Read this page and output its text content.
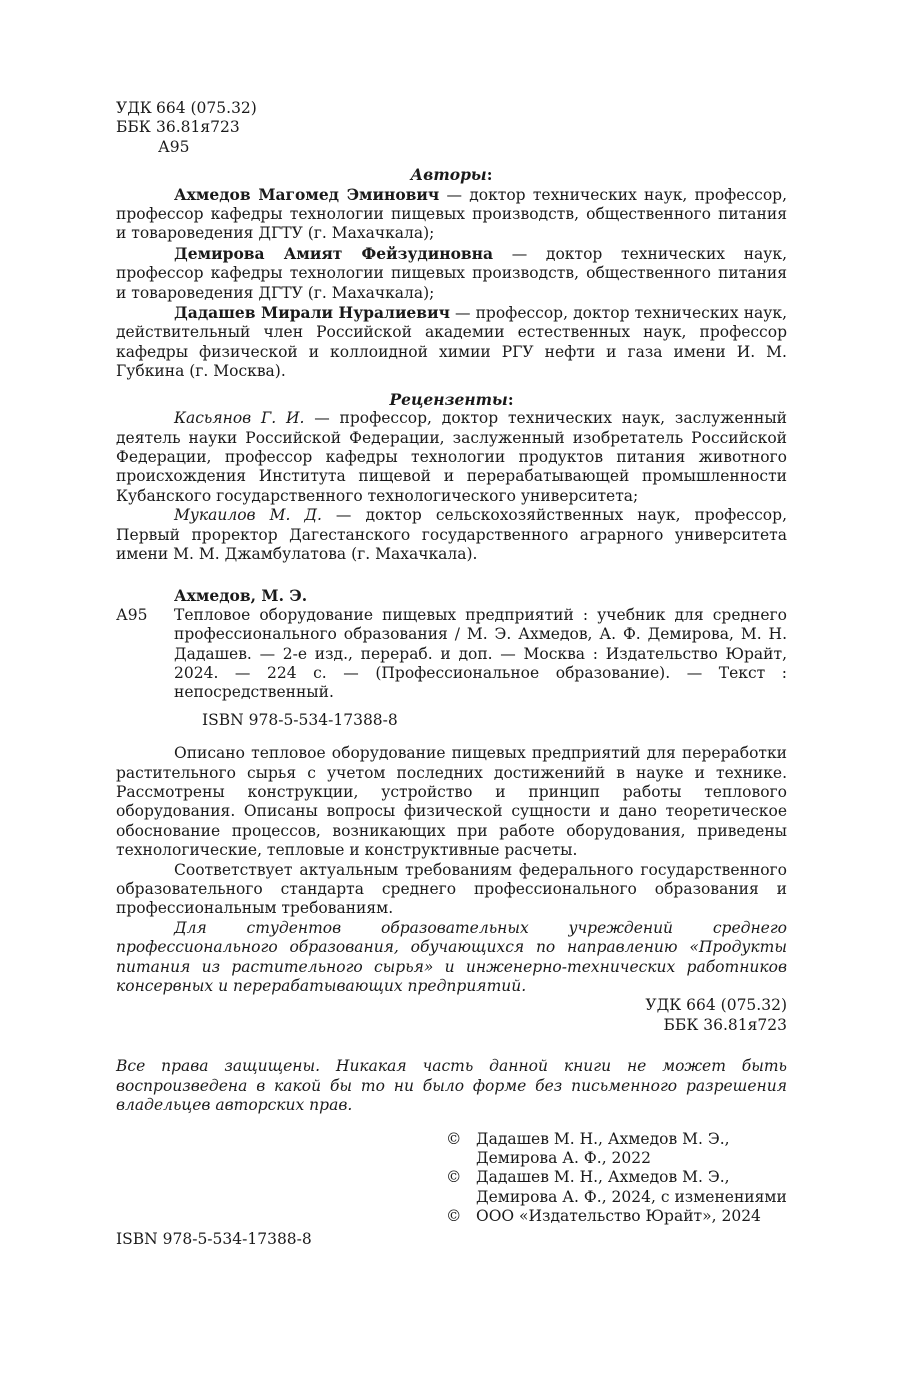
УДК 664 (075.32)
ББК 36.81я723
А95
Авторы:

Ахмедов Магомед Эминович — доктор технических наук, профессор, профессор кафедры технологии пищевых производств, общественного питания и товароведения ДГТУ (г. Махачкала);

Демирова Амият Фейзудиновна — доктор технических наук, профессор кафедры технологии пищевых производств, общественного питания и товароведения ДГТУ (г. Махачкала);

Дадашев Мирали Нуралиевич — профессор, доктор технических наук, действительный член Российской академии естественных наук, профессор кафедры физической и коллоидной химии РГУ нефти и газа имени И. М. Губкина (г. Москва).

Рецензенты:

Касьянов Г. И. — профессор, доктор технических наук, заслуженный деятель науки Российской Федерации, заслуженный изобретатель Российской Федерации, профессор кафедры технологии продуктов питания животного происхождения Института пищевой и перерабатывающей промышленности Кубанского государственного технологического университета;

Мукаилов М. Д. — доктор сельскохозяйственных наук, профессор, Первый проректор Дагестанского государственного аграрного университета имени М. М. Джамбулатова (г. Махачкала).

Ахмедов, М. Э.
А95 Тепловое оборудование пищевых предприятий : учебник для среднего профессионального образования / М. Э. Ахмедов, А. Ф. Демирова, М. Н. Дадашев. — 2-е изд., перераб. и доп. — Москва : Издательство Юрайт, 2024. — 224 с. — (Профессиональное образование). — Текст : непосредственный.
ISBN 978-5-534-17388-8

Описано тепловое оборудование пищевых предприятий для переработки растительного сырья с учетом последних достиженийй в науке и технике. Рассмотрены конструкции, устройство и принцип работы теплового оборудования. Описаны вопросы физической сущности и дано теоретическое обоснование процессов, возникающих при работе оборудования, приведены технологические, тепловые и конструктивные расчеты.

Соответствует актуальным требованиям федерального государственного образовательного стандарта среднего профессионального образования и профессиональным требованиям.

Для студентов образовательных учреждений среднего профессионального образования, обучающихся по направлению «Продукты питания из растительного сырья» и инженерно-технических работников консервных и перерабатывающих предприятий.

УДК 664 (075.32)
ББК 36.81я723
Все права защищены. Никакая часть данной книги не может быть воспроизведена в какой бы то ни было форме без письменного разрешения владельцев авторских прав.
© Дадашев М. Н., Ахмедов М. Э., Демирова А. Ф., 2022
© Дадашев М. Н., Ахмедов М. Э., Демирова А. Ф., 2024, с изменениями
© ООО «Издательство Юрайт», 2024
ISBN 978-5-534-17388-8
